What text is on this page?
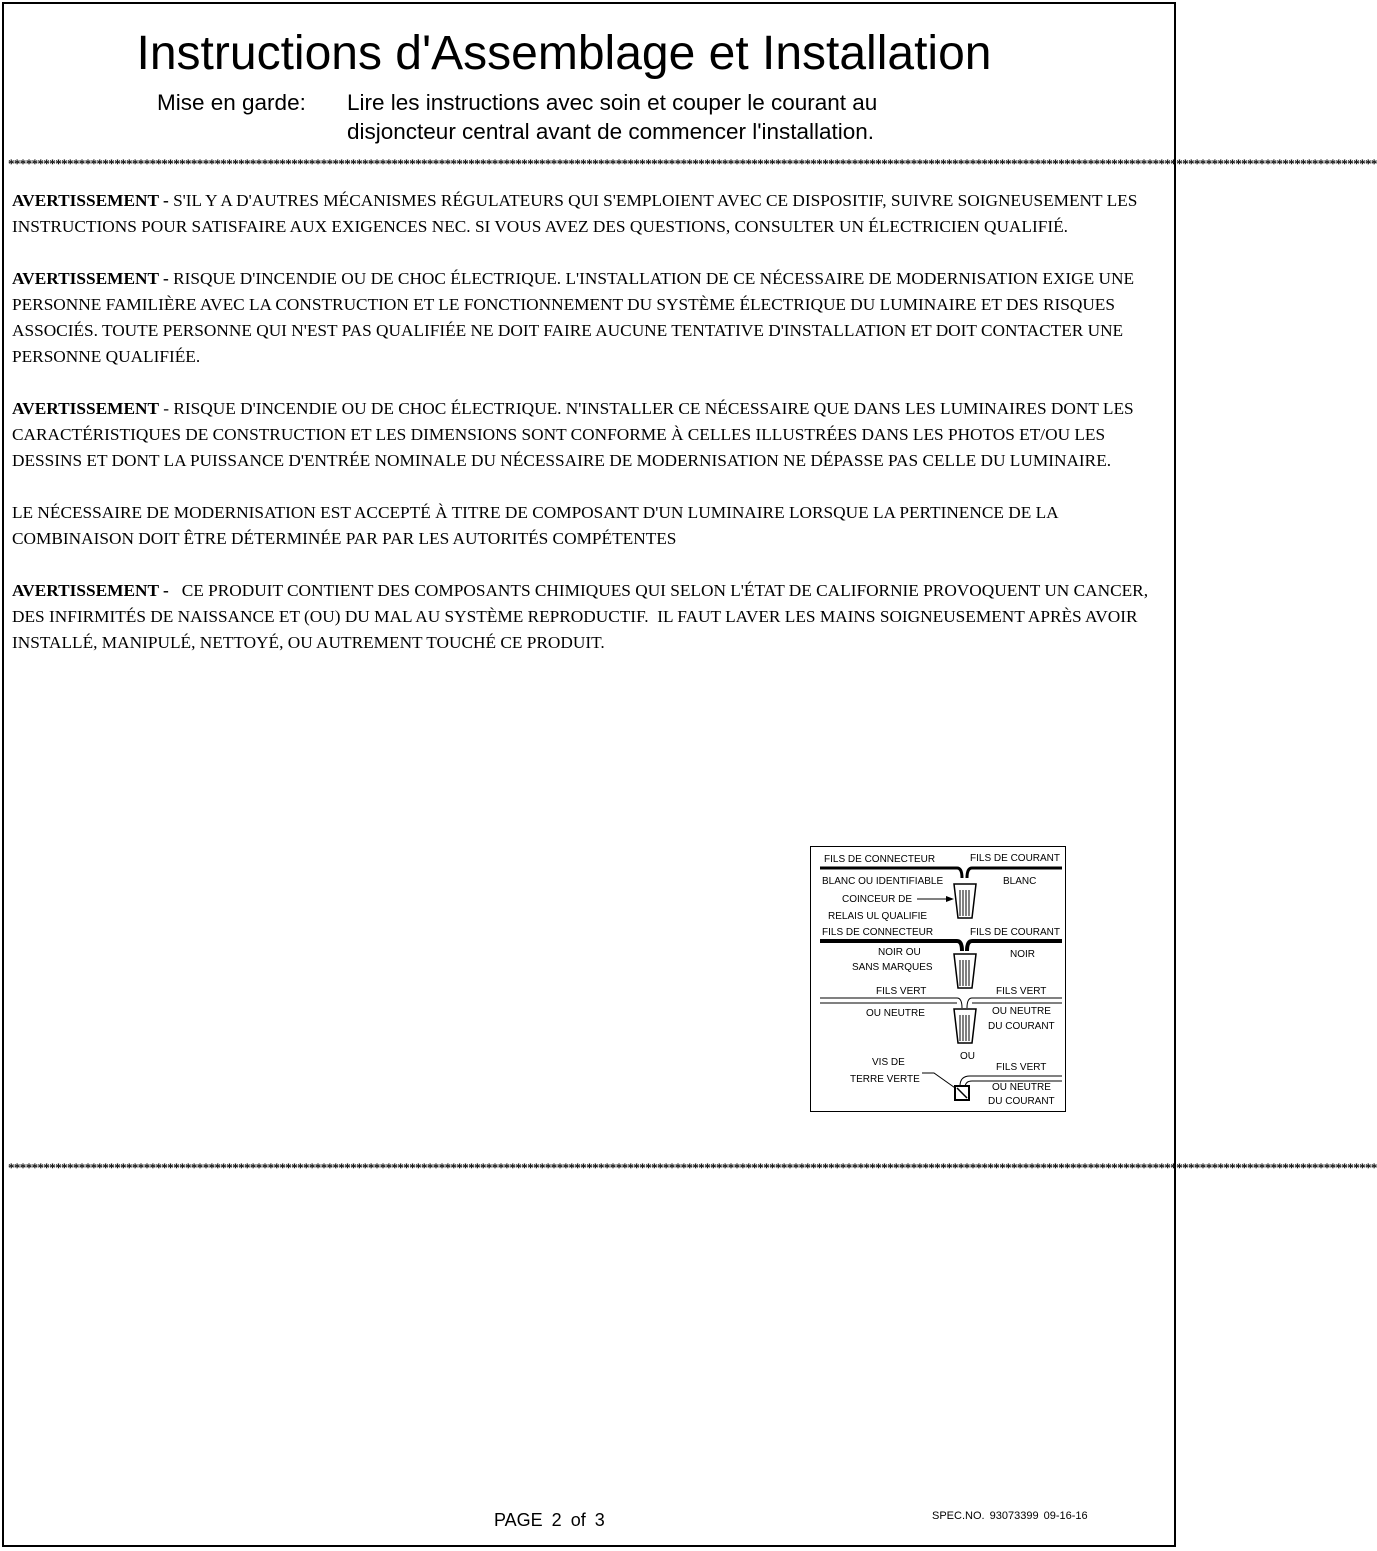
Instructions d'Assemblage et Installation
Mise en garde: Lire les instructions avec soin et couper le courant au
disjoncteur central avant de commencer l'installation.
****************************************************************************************************************************************************************************************************************************************

AVERTISSEMENT - S'IL Y A D'AUTRES MÉCANISMES RÉGULATEURS QUI S'EMPLOIENT AVEC CE DISPOSITIF, SUIVRE SOIGNEUSEMENT LES INSTRUCTIONS POUR SATISFAIRE AUX EXIGENCES NEC. SI VOUS AVEZ DES QUESTIONS, CONSULTER UN ÉLECTRICIEN QUALIFIÉ.

AVERTISSEMENT - RISQUE D'INCENDIE OU DE CHOC ÉLECTRIQUE. L'INSTALLATION DE CE NÉCESSAIRE DE MODERNISATION EXIGE UNE PERSONNE FAMILIÈRE AVEC LA CONSTRUCTION ET LE FONCTIONNEMENT DU SYSTÈME ÉLECTRIQUE DU LUMINAIRE ET DES RISQUES ASSOCIÉS. TOUTE PERSONNE QUI N'EST PAS QUALIFIÉE NE DOIT FAIRE AUCUNE TENTATIVE D'INSTALLATION ET DOIT CONTACTER UNE PERSONNE QUALIFIÉE.

AVERTISSEMENT - RISQUE D'INCENDIE OU DE CHOC ÉLECTRIQUE. N'INSTALLER CE NÉCESSAIRE QUE DANS LES LUMINAIRES DONT LES CARACTÉRISTIQUES DE CONSTRUCTION ET LES DIMENSIONS SONT CONFORME À CELLES ILLUSTRÉES DANS LES PHOTOS ET/OU LES DESSINS ET DONT LA PUISSANCE D'ENTRÉE NOMINALE DU NÉCESSAIRE DE MODERNISATION NE DÉPASSE PAS CELLE DU LUMINAIRE.

LE NÉCESSAIRE DE MODERNISATION EST ACCEPTÉ À TITRE DE COMPOSANT D'UN LUMINAIRE LORSQUE LA PERTINENCE DE LA COMBINAISON DOIT ÊTRE DÉTERMINÉE PAR PAR LES AUTORITÉS COMPÉTENTES

AVERTISSEMENT -   CE PRODUIT CONTIENT DES COMPOSANTS CHIMIQUES QUI SELON L'ÉTAT DE CALIFORNIE PROVOQUENT UN CANCER, DES INFIRMITÉS DE NAISSANCE ET (OU) DU MAL AU SYSTÈME REPRODUCTIF.  IL FAUT LAVER LES MAINS SOIGNEUSEMENT APRÈS AVOIR INSTALLÉ, MANIPULÉ, NETTOYÉ, OU AUTREMENT TOUCHÉ CE PRODUIT.

FILS DE CONNECTEUR	FILS DE COURANT
BLANC OU IDENTIFIABLE	BLANC
COINCEUR DE
RELAIS UL QUALIFIE
FILS DE CONNECTEUR	FILS DE COURANT
NOIR OU
SANS MARQUES
NOIR
FILS VERT	FILS VERT
OU NEUTRE	OU NEUTRE
DU COURANT
OU
VIS DE
TERRE VERTE
FILS VERT
OU NEUTRE
DU COURANT
****************************************************************************************************************************************************************************************************************************************
PAGE 2 of 3	SPEC.NO. 93073399 09-16-16
